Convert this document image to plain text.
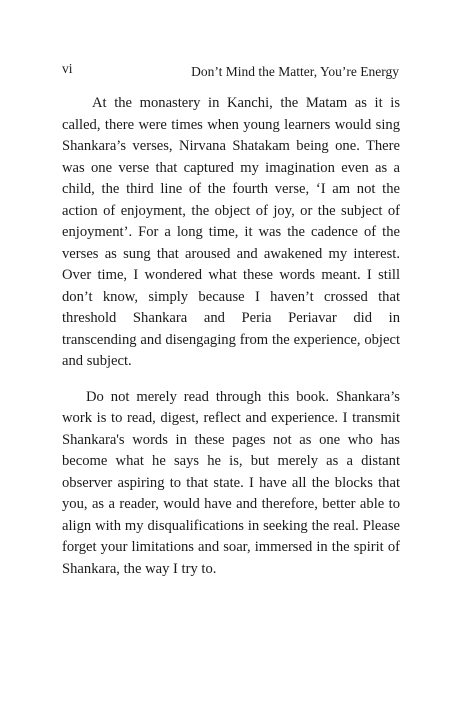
vi	Don’t Mind the Matter, You’re Energy

At the monastery in Kanchi, the Matam as it is called, there were times when young learners would sing Shankara’s verses, Nirvana Shatakam being one. There was one verse that captured my imagination even as a child, the third line of the fourth verse, ‘I am not the action of enjoyment, the object of joy, or the subject of enjoyment’. For a long time, it was the cadence of the verses as sung that aroused and awakened my interest. Over time, I wondered what these words meant. I still don’t know, simply because I haven’t crossed that threshold Shankara and Peria Periavar did in transcending and disengaging from the experience, object and subject.

Do not merely read through this book. Shankara’s work is to read, digest, reflect and experience. I transmit Shankara's words in these pages not as one who has become what he says he is, but merely as a distant observer aspiring to that state. I have all the blocks that you, as a reader, would have and therefore, better able to align with my disqualifications in seeking the real. Please forget your limitations and soar, immersed in the spirit of Shankara, the way I try to.
